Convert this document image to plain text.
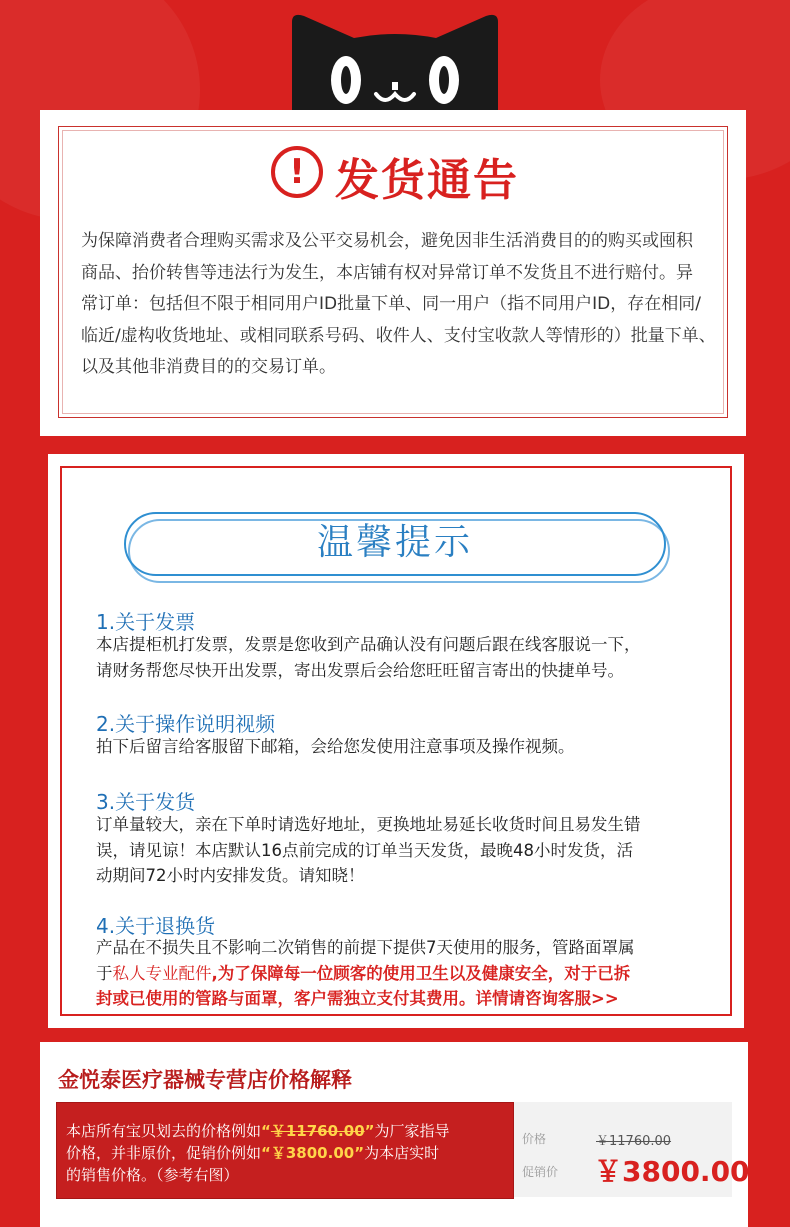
! 发货通告
为保障消费者合理购买需求及公平交易机会，避免因非生活消费目的的购买或囤积
商品、抬价转售等违法行为发生，本店铺有权对异常订单不发货且不进行赔付。异
常订单：包括但不限于相同用户ID批量下单、同一用户（指不同用户ID，存在相同/
临近/虚构收货地址、或相同联系号码、收件人、支付宝收款人等情形的）批量下单、
以及其他非消费目的的交易订单。
温馨提示
1.关于发票
本店提柜机打发票，发票是您收到产品确认没有问题后跟在线客服说一下，
请财务帮您尽快开出发票，寄出发票后会给您旺旺留言寄出的快捷单号。
2.关于操作说明视频
拍下后留言给客服留下邮箱，会给您发使用注意事项及操作视频。
3.关于发货
订单量较大，亲在下单时请选好地址，更换地址易延长收货时间且易发生错
误，请见谅！本店默认16点前完成的订单当天发货，最晚48小时发货，活
动期间72小时内安排发货。请知晓！
4.关于退换货
产品在不损失且不影响二次销售的前提下提供7天使用的服务，管路面罩属
于私人专业配件,为了保障每一位顾客的使用卫生以及健康安全，对于已拆
封或已使用的管路与面罩，客户需独立支付其费用。详情请咨询客服>>
金悦泰医疗器械专营店价格解释
本店所有宝贝划去的价格例如“￥11760.00”为厂家指导
价格，并非原价，促销价例如“￥3800.00”为本店实时
的销售价格。（参考右图）
价格	￥11760.00
促销价 ￥3800.00
